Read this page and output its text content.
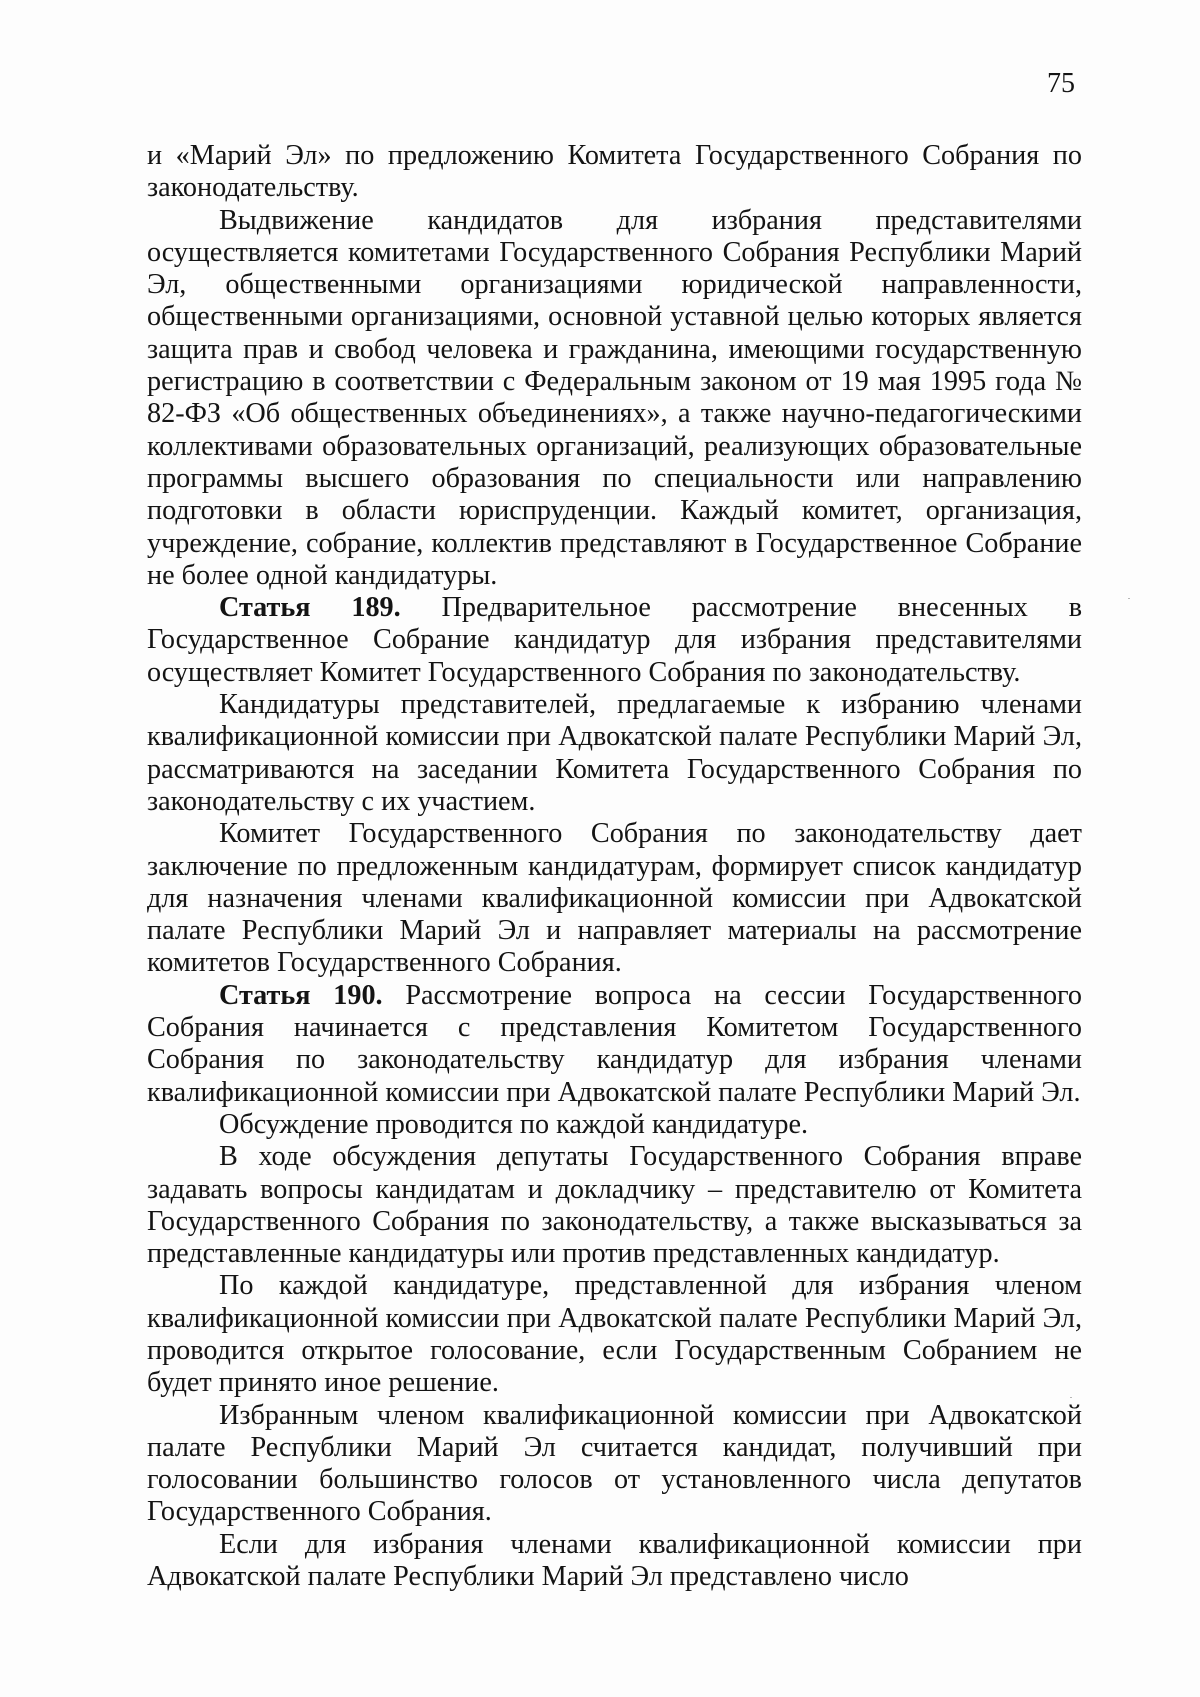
75

и «Марий Эл» по предложению Комитета Государственного Собрания по законодательству.

Выдвижение кандидатов для избрания представителями осуществляется комитетами Государственного Собрания Республики Марий Эл, общественными организациями юридической направленности, общественными организациями, основной уставной целью которых является защита прав и свобод человека и гражданина, имеющими государственную регистрацию в соответствии с Федеральным законом от 19 мая 1995 года № 82-ФЗ «Об общественных объединениях», а также научно-педагогическими коллективами образовательных организаций, реализующих образовательные программы высшего образования по специальности или направлению подготовки в области юриспруденции. Каждый комитет, организация, учреждение, собрание, коллектив представляют в Государственное Собрание не более одной кандидатуры.

Статья 189. Предварительное рассмотрение внесенных в Государственное Собрание кандидатур для избрания представителями осуществляет Комитет Государственного Собрания по законодательству.

Кандидатуры представителей, предлагаемые к избранию членами квалификационной комиссии при Адвокатской палате Республики Марий Эл, рассматриваются на заседании Комитета Государственного Собрания по законодательству с их участием.

Комитет Государственного Собрания по законодательству дает заключение по предложенным кандидатурам, формирует список кандидатур для назначения членами квалификационной комиссии при Адвокатской палате Республики Марий Эл и направляет материалы на рассмотрение комитетов Государственного Собрания.

Статья 190. Рассмотрение вопроса на сессии Государственного Собрания начинается с представления Комитетом Государственного Собрания по законодательству кандидатур для избрания членами квалификационной комиссии при Адвокатской палате Республики Марий Эл.

Обсуждение проводится по каждой кандидатуре.

В ходе обсуждения депутаты Государственного Собрания вправе задавать вопросы кандидатам и докладчику – представителю от Комитета Государственного Собрания по законодательству, а также высказываться за представленные кандидатуры или против представленных кандидатур.

По каждой кандидатуре, представленной для избрания членом квалификационной комиссии при Адвокатской палате Республики Марий Эл, проводится открытое голосование, если Государственным Собранием не будет принято иное решение.

Избранным членом квалификационной комиссии при Адвокатской палате Республики Марий Эл считается кандидат, получивший при голосовании большинство голосов от установленного числа депутатов Государственного Собрания.

Если для избрания членами квалификационной комиссии при Адвокатской палате Республики Марий Эл представлено число
